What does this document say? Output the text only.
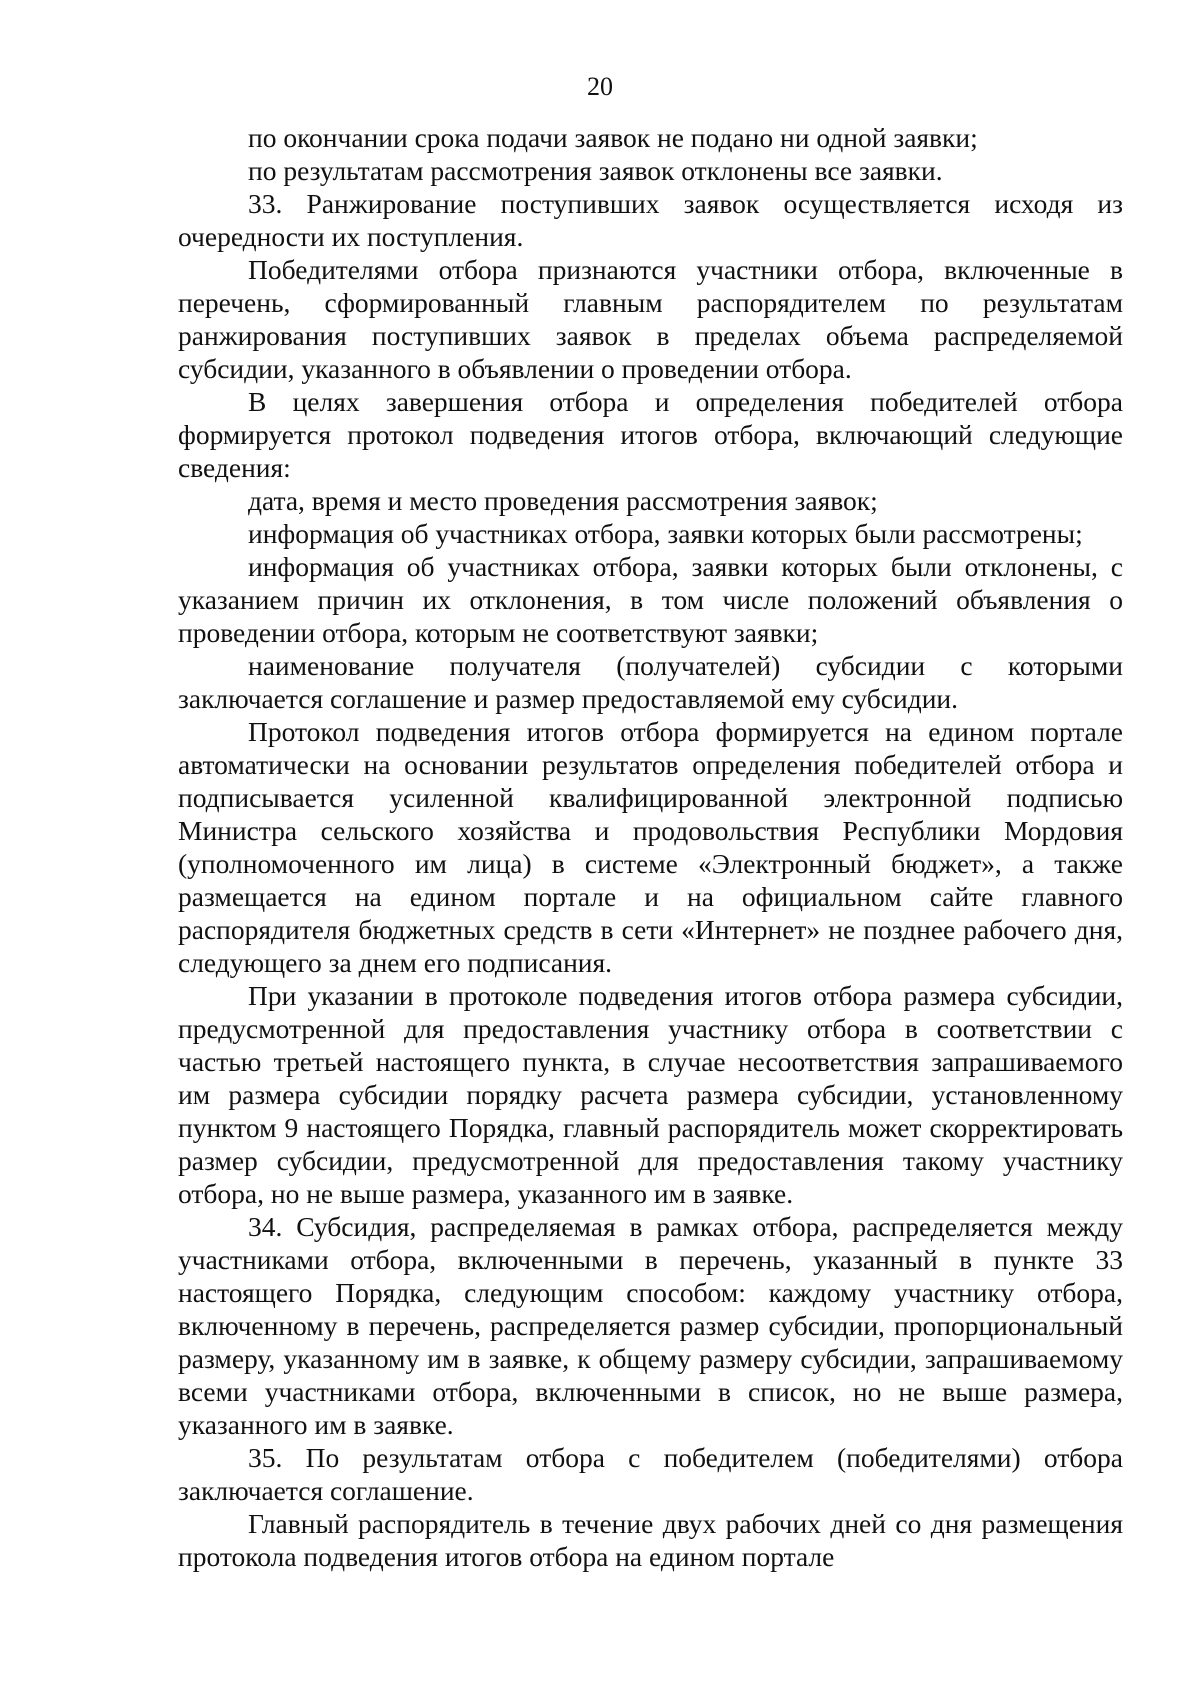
20

по окончании срока подачи заявок не подано ни одной заявки;

по результатам рассмотрения заявок отклонены все заявки.

33. Ранжирование поступивших заявок осуществляется исходя из очередности их поступления.

Победителями отбора признаются участники отбора, включенные в перечень, сформированный главным распорядителем по результатам ранжирования поступивших заявок в пределах объема распределяемой субсидии, указанного в объявлении о проведении отбора.

В целях завершения отбора и определения победителей отбора формируется протокол подведения итогов отбора, включающий следующие сведения:

дата, время и место проведения рассмотрения заявок;

информация об участниках отбора, заявки которых были рассмотрены;

информация об участниках отбора, заявки которых были отклонены, с указанием причин их отклонения, в том числе положений объявления о проведении отбора, которым не соответствуют заявки;

наименование получателя (получателей) субсидии с которыми заключается соглашение и размер предоставляемой ему субсидии.

Протокол подведения итогов отбора формируется на едином портале автоматически на основании результатов определения победителей отбора и подписывается усиленной квалифицированной электронной подписью Министра сельского хозяйства и продовольствия Республики Мордовия (уполномоченного им лица) в системе «Электронный бюджет», а также размещается на едином портале и на официальном сайте главного распорядителя бюджетных средств в сети «Интернет» не позднее рабочего дня, следующего за днем его подписания.

При указании в протоколе подведения итогов отбора размера субсидии, предусмотренной для предоставления участнику отбора в соответствии с частью третьей настоящего пункта, в случае несоответствия запрашиваемого им размера субсидии порядку расчета размера субсидии, установленному пунктом 9 настоящего Порядка, главный распорядитель может скорректировать размер субсидии, предусмотренной для предоставления такому участнику отбора, но не выше размера, указанного им в заявке.

34. Субсидия, распределяемая в рамках отбора, распределяется между участниками отбора, включенными в перечень, указанный в пункте 33 настоящего Порядка, следующим способом: каждому участнику отбора, включенному в перечень, распределяется размер субсидии, пропорциональный размеру, указанному им в заявке, к общему размеру субсидии, запрашиваемому всеми участниками отбора, включенными в список, но не выше размера, указанного им в заявке.

35. По результатам отбора с победителем (победителями) отбора заключается соглашение.

Главный распорядитель в течение двух рабочих дней со дня размещения протокола подведения итогов отбора на едином портале
